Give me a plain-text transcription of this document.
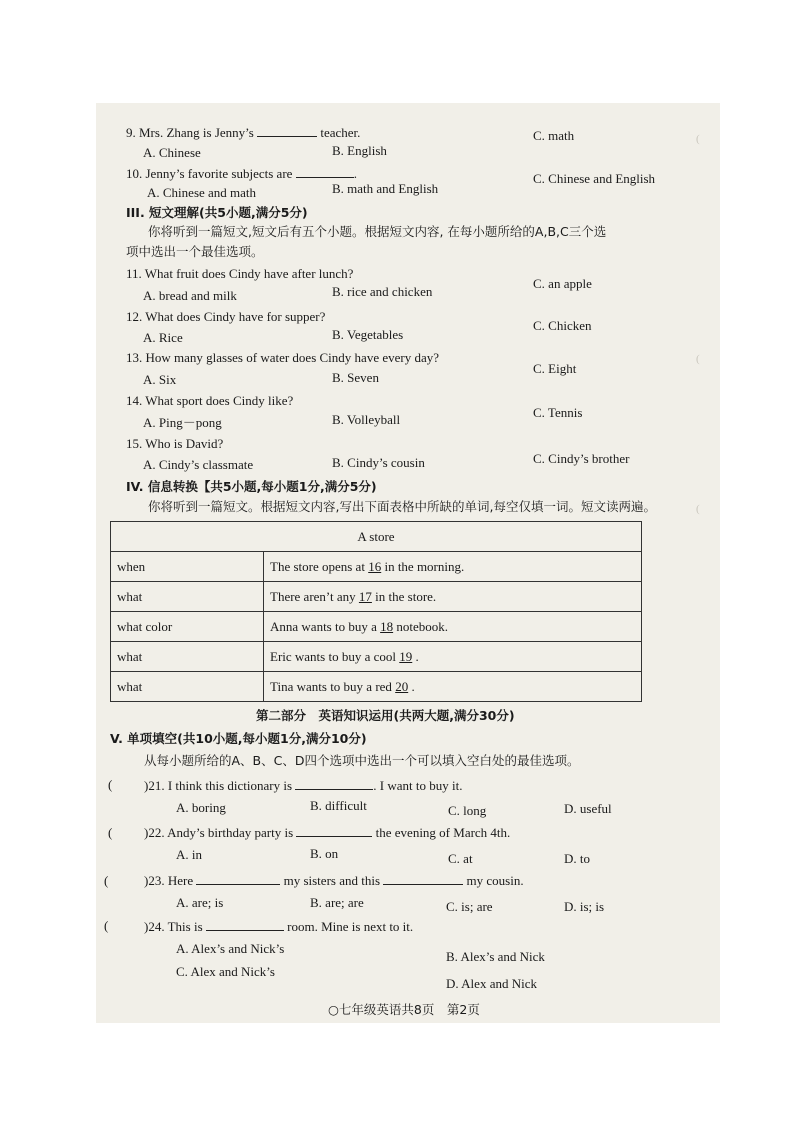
(
(
(
9. Mrs. Zhang is Jenny’s	teacher.
A. Chinese	B. English
C. math
10. Jenny’s favorite subjects are	.
A. Chinese and math	B. math and English
C. Chinese and English
III. 短文理解(共5小题,满分5分)
你将听到一篇短文,短文后有五个小题。根据短文内容, 在每小题所给的A,B,C三个选
项中选出一个最佳选项。
11. What fruit does Cindy have after lunch?
A. bread and milk	B. rice and chicken
C. an apple
12. What does Cindy have for supper?
A. Rice	B. Vegetables
C. Chicken
13. How many glasses of water does Cindy have every day?
A. Six	B. Seven
C. Eight
14. What sport does Cindy like?
A. Ping－pong	B. Volleyball	C. Tennis
15. Who is David?
A. Cindy’s classmate	B. Cindy’s cousin	C. Cindy’s brother
IV. 信息转换【共5小题,每小题1分,满分5分)
你将听到一篇短文。根据短文内容,写出下面表格中所缺的单词,每空仅填一词。短文读两遍。
A store	
when	The store opens at 16 in the morning.
what	There aren’t any 17 in the store.
what color	Anna wants to buy a 18 notebook.
what	Eric wants to buy a cool 19 .
what	Tina wants to buy a red 20 .
第二部分　英语知识运用(共两大题,满分30分)
V. 单项填空(共10小题,每小题1分,满分10分)
从每小题所给的A、B、C、D四个选项中选出一个可以填入空白处的最佳选项。
( )21. I think this dictionary is	. I want to buy it.
A. boring	B. difficult	C. long	D. useful
( )22. Andy’s birthday party is	the evening of March 4th.
A. in	B. on	C. at	D. to
(	)23. Here	my sisters and this	my cousin.
A. are; is	B. are; are	C. is; are	D. is; is
(	)24. This is	room. Mine is next to it.
A. Alex’s and Nick’s
B. Alex’s and Nick
C. Alex and Nick’s
D. Alex and Nick
○七年级英语共8页　第2页
